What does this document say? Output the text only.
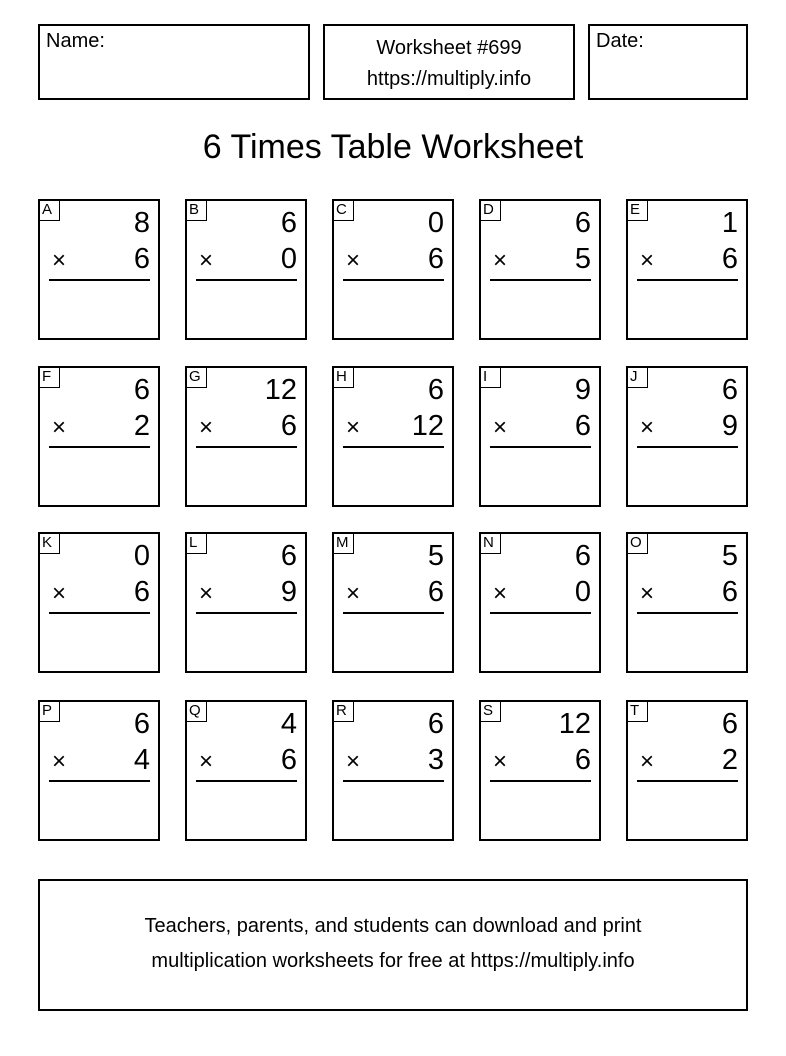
Name:	Worksheet #699
https://multiply.info
Date:
6 Times Table Worksheet
A	8
× 6
B	6
× 0
C	0
× 6
D	6
× 5
E	1
× 6
F	6
× 2
G 12
× 6
H	6
× 12
I	9
× 6
J	6
× 9
K	0
× 6
L	6
× 9
M	5
× 6
N	6
× 0
O	5
× 6
P	6
× 4
Q	4
× 6
R	6
× 3
S 12
× 6
T	6
× 2
Teachers, parents, and students can download and print
multiplication worksheets for free at https://multiply.info
